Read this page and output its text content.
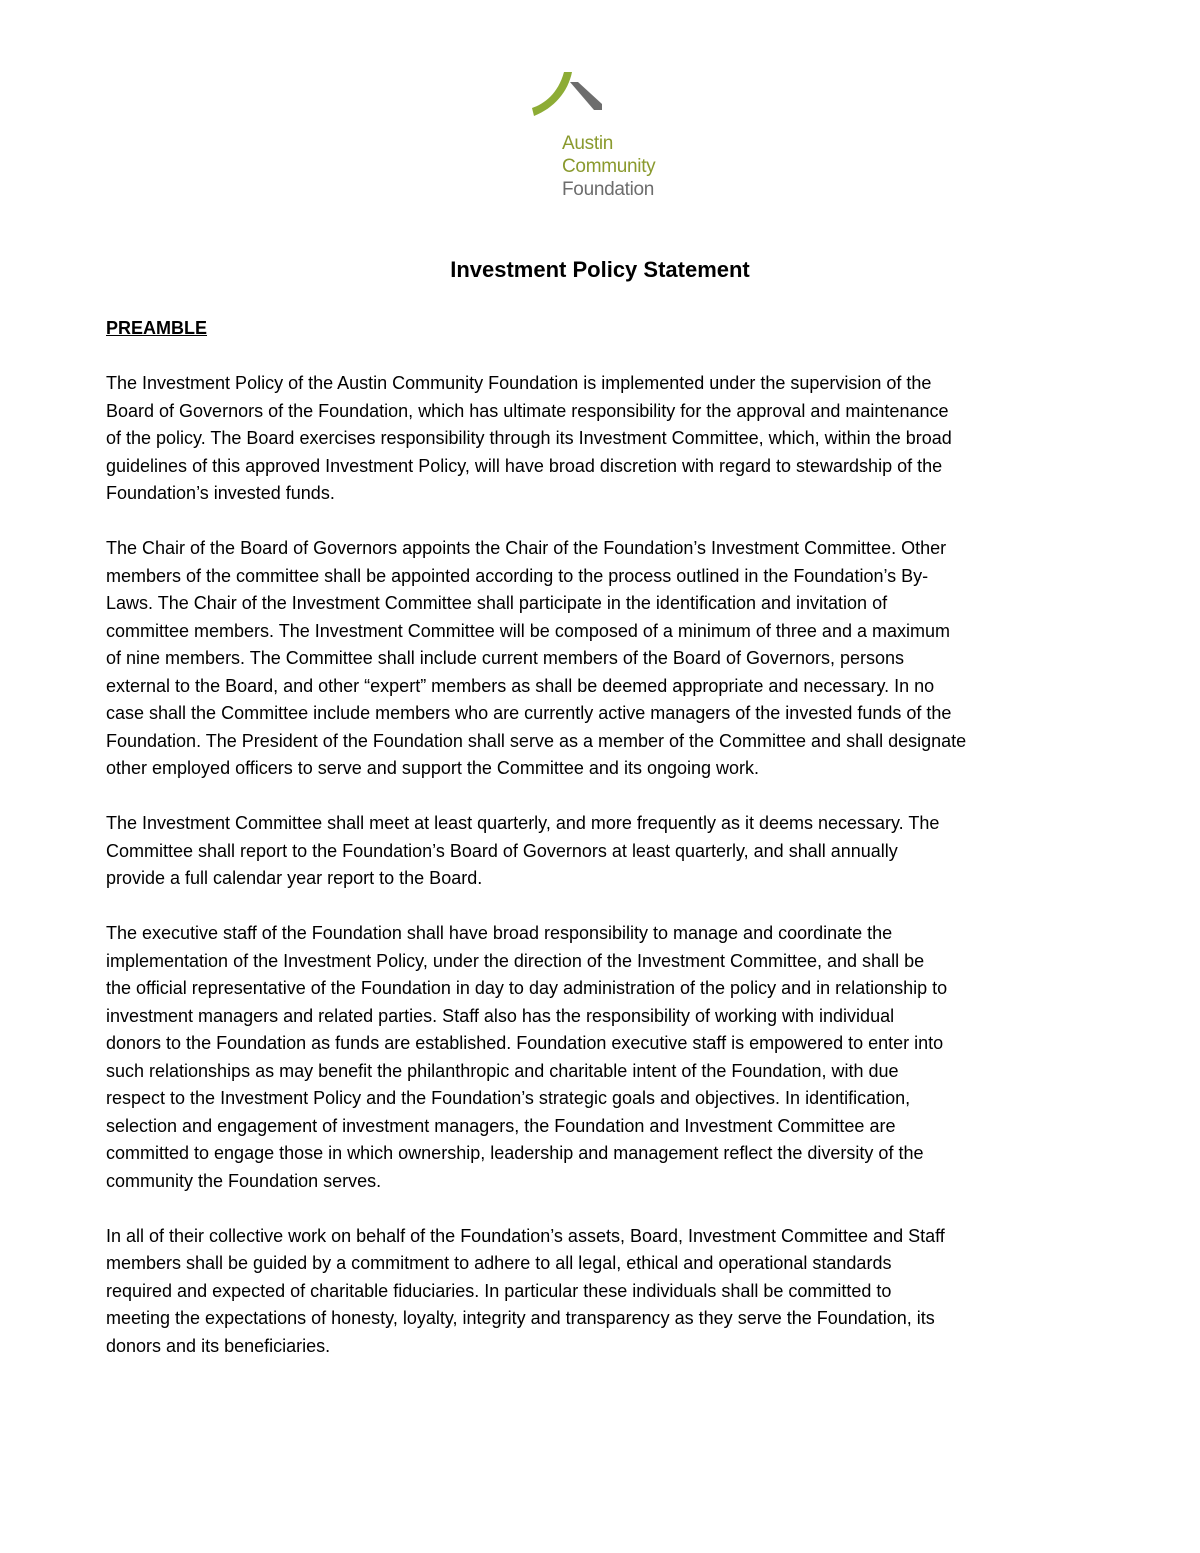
Austin
Community
Foundation
Investment Policy Statement
PREAMBLE

The Investment Policy of the Austin Community Foundation is implemented under the supervision of the
Board of Governors of the Foundation, which has ultimate responsibility for the approval and maintenance
of the policy. The Board exercises responsibility through its Investment Committee, which, within the broad
guidelines of this approved Investment Policy, will have broad discretion with regard to stewardship of the
Foundation’s invested funds.

The Chair of the Board of Governors appoints the Chair of the Foundation’s Investment Committee. Other
members of the committee shall be appointed according to the process outlined in the Foundation’s By-
Laws. The Chair of the Investment Committee shall participate in the identification and invitation of
committee members. The Investment Committee will be composed of a minimum of three and a maximum
of nine members. The Committee shall include current members of the Board of Governors, persons
external to the Board, and other “expert” members as shall be deemed appropriate and necessary. In no
case shall the Committee include members who are currently active managers of the invested funds of the
Foundation. The President of the Foundation shall serve as a member of the Committee and shall designate
other employed officers to serve and support the Committee and its ongoing work.

The Investment Committee shall meet at least quarterly, and more frequently as it deems necessary. The
Committee shall report to the Foundation’s Board of Governors at least quarterly, and shall annually
provide a full calendar year report to the Board.

The executive staff of the Foundation shall have broad responsibility to manage and coordinate the
implementation of the Investment Policy, under the direction of the Investment Committee, and shall be
the official representative of the Foundation in day to day administration of the policy and in relationship to
investment managers and related parties. Staff also has the responsibility of working with individual
donors to the Foundation as funds are established. Foundation executive staff is empowered to enter into
such relationships as may benefit the philanthropic and charitable intent of the Foundation, with due
respect to the Investment Policy and the Foundation’s strategic goals and objectives. In identification,
selection and engagement of investment managers, the Foundation and Investment Committee are
committed to engage those in which ownership, leadership and management reflect the diversity of the
community the Foundation serves.

In all of their collective work on behalf of the Foundation’s assets, Board, Investment Committee and Staff
members shall be guided by a commitment to adhere to all legal, ethical and operational standards
required and expected of charitable fiduciaries. In particular these individuals shall be committed to
meeting the expectations of honesty, loyalty, integrity and transparency as they serve the Foundation, its
donors and its beneficiaries.
